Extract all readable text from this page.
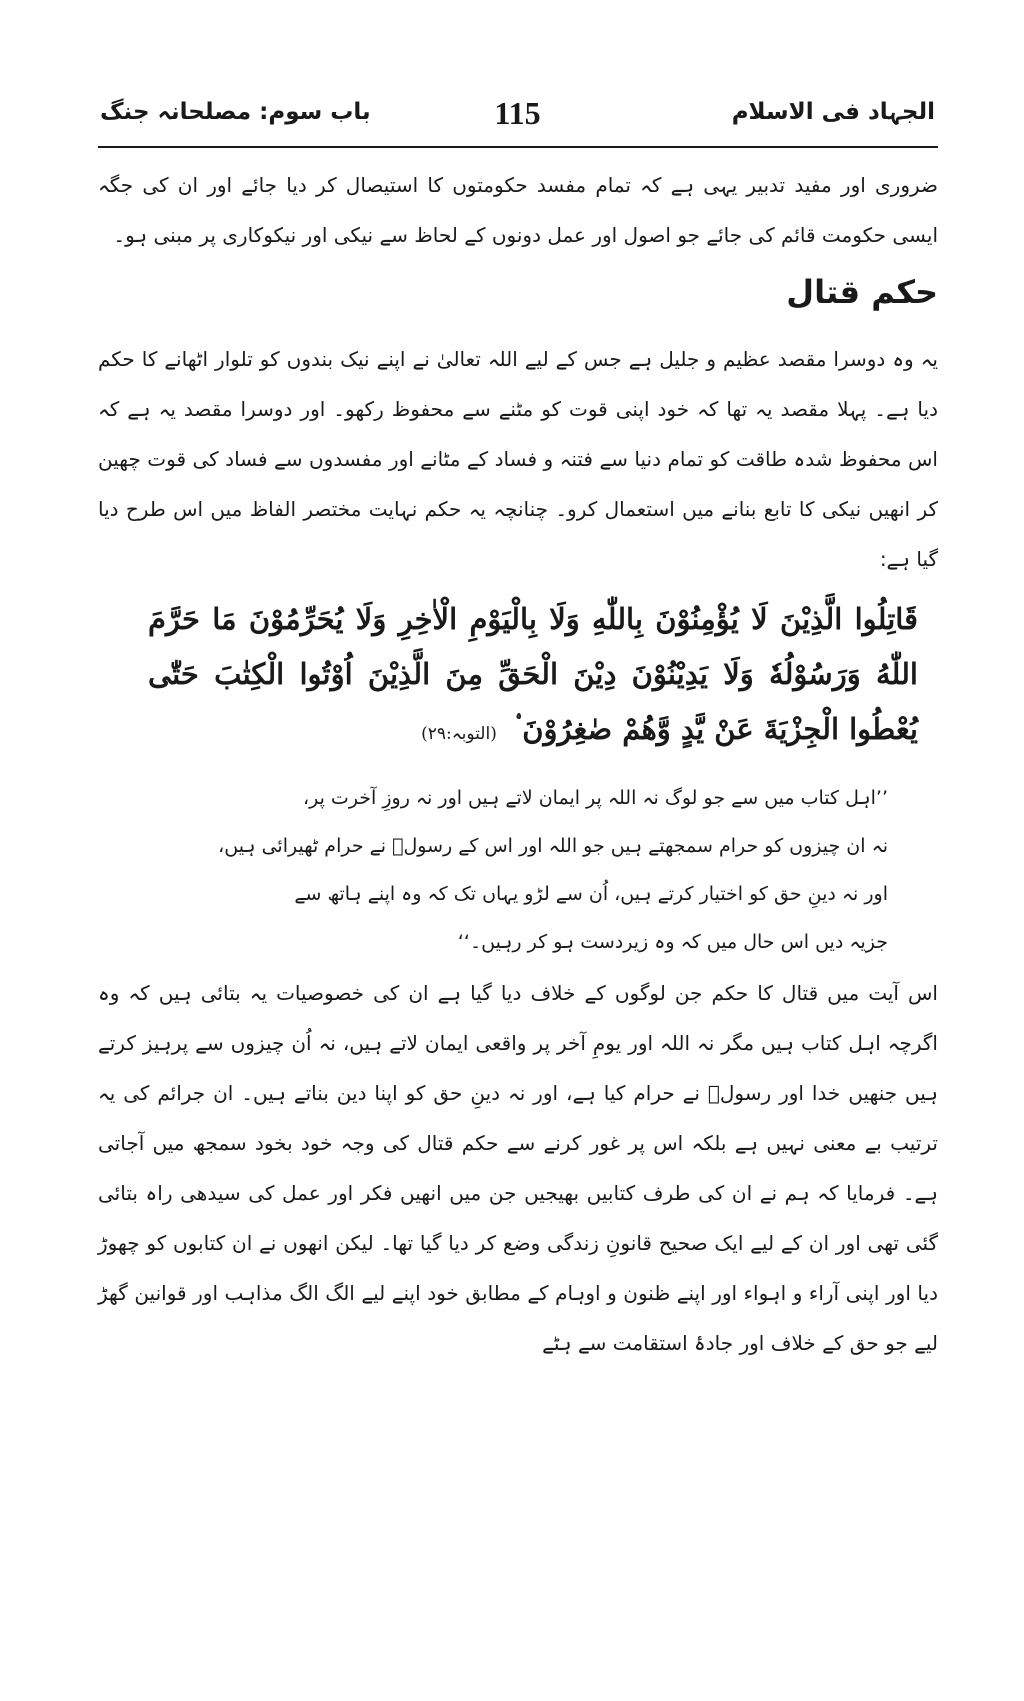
الجہاد فی الاسلام
115
باب سوم: مصلحانہ جنگ

ضروری اور مفید تدبیر یہی ہے کہ تمام مفسد حکومتوں کا استیصال کر دیا جائے اور ان کی جگہ ایسی حکومت قائم کی جائے جو اصول اور عمل دونوں کے لحاظ سے نیکی اور نیکوکاری پر مبنی ہو۔

حکم قتال

یہ وہ دوسرا مقصد عظیم و جلیل ہے جس کے لیے اللہ تعالیٰ نے اپنے نیک بندوں کو تلوار اٹھانے کا حکم دیا ہے۔ پہلا مقصد یہ تھا کہ خود اپنی قوت کو مٹنے سے محفوظ رکھو۔ اور دوسرا مقصد یہ ہے کہ اس محفوظ شدہ طاقت کو تمام دنیا سے فتنہ و فساد کے مٹانے اور مفسدوں سے فساد کی قوت چھین کر انھیں نیکی کا تابع بنانے میں استعمال کرو۔ چنانچہ یہ حکم نہایت مختصر الفاظ میں اس طرح دیا گیا ہے:

قَاتِلُوا الَّذِيْنَ لَا يُؤْمِنُوْنَ بِاللّٰهِ وَلَا بِالْيَوْمِ الْاٰخِرِ وَلَا يُحَرِّمُوْنَ مَا حَرَّمَ اللّٰهُ وَرَسُوْلُهٗ وَلَا يَدِيْنُوْنَ دِيْنَ الْحَقِّ مِنَ الَّذِيْنَ اُوْتُوا الْكِتٰبَ حَتّٰى يُعْطُوا الْجِزْيَةَ عَنْ يَّدٍ وَّهُمْ صٰغِرُوْنَ ۟ (التوبہ:۲۹)

’’اہل کتاب میں سے جو لوگ نہ اللہ پر ایمان لاتے ہیں اور نہ روزِ آخرت پر،
نہ ان چیزوں کو حرام سمجھتے ہیں جو اللہ اور اس کے رسولؐ نے حرام ٹھیرائی ہیں،
اور نہ دینِ حق کو اختیار کرتے ہیں، اُن سے لڑو یہاں تک کہ وہ اپنے ہاتھ سے
جزیہ دیں اس حال میں کہ وہ زیردست ہو کر رہیں۔‘‘

اس آیت میں قتال کا حکم جن لوگوں کے خلاف دیا گیا ہے ان کی خصوصیات یہ بتائی ہیں کہ وہ اگرچہ اہل کتاب ہیں مگر نہ اللہ اور یومِ آخر پر واقعی ایمان لاتے ہیں، نہ اُن چیزوں سے پرہیز کرتے ہیں جنھیں خدا اور رسولؐ نے حرام کیا ہے، اور نہ دینِ حق کو اپنا دین بناتے ہیں۔ ان جرائم کی یہ ترتیب بے معنی نہیں ہے بلکہ اس پر غور کرنے سے حکم قتال کی وجہ خود بخود سمجھ میں آجاتی ہے۔ فرمایا کہ ہم نے ان کی طرف کتابیں بھیجیں جن میں انھیں فکر اور عمل کی سیدھی راہ بتائی گئی تھی اور ان کے لیے ایک صحیح قانونِ زندگی وضع کر دیا گیا تھا۔ لیکن انھوں نے ان کتابوں کو چھوڑ دیا اور اپنی آراء و اہواء اور اپنے ظنون و اوہام کے مطابق خود اپنے لیے الگ الگ مذاہب اور قوانین گھڑ لیے جو حق کے خلاف اور جادۂ استقامت سے ہٹے
